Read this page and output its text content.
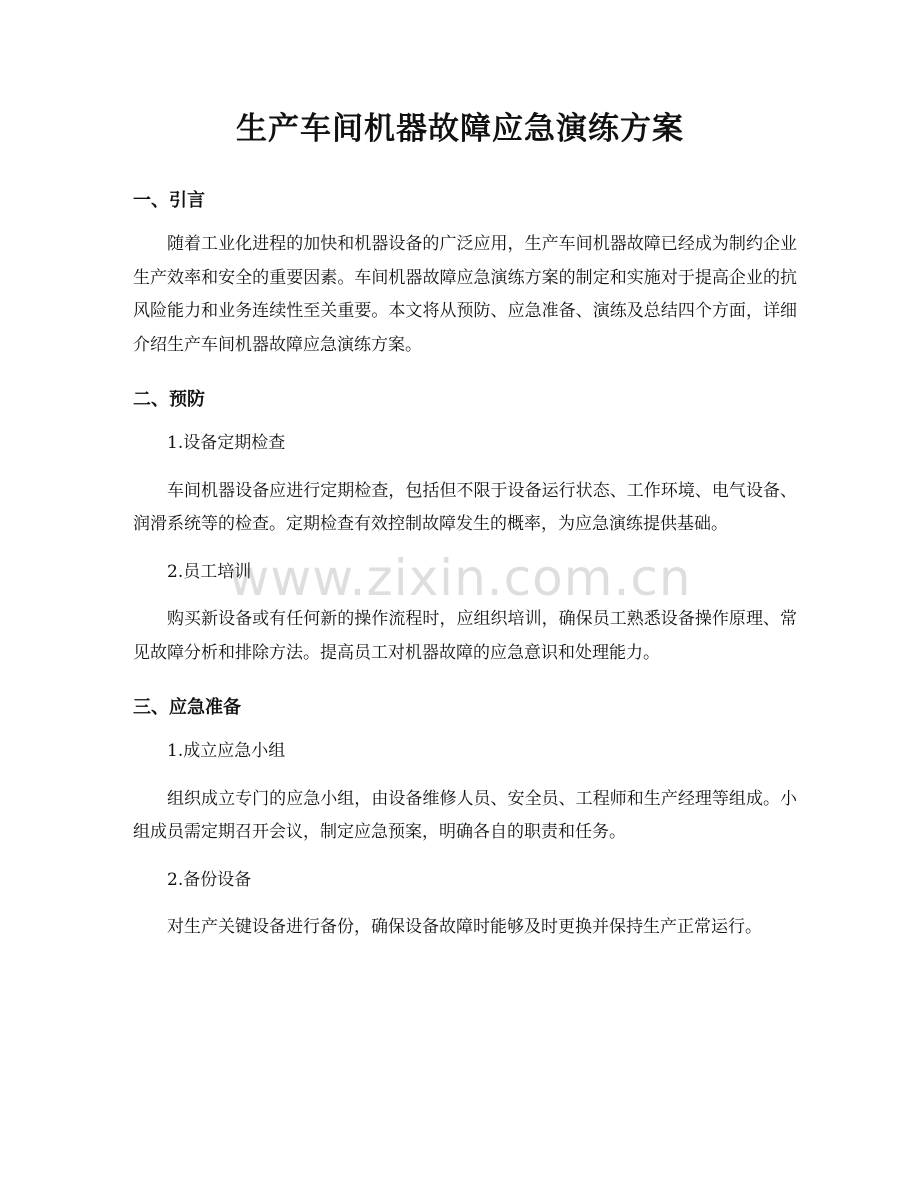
生产车间机器故障应急演练方案
一、引言
随着工业化进程的加快和机器设备的广泛应用，生产车间机器故障已经成为制约企业生产效率和安全的重要因素。车间机器故障应急演练方案的制定和实施对于提高企业的抗风险能力和业务连续性至关重要。本文将从预防、应急准备、演练及总结四个方面，详细介绍生产车间机器故障应急演练方案。
二、预防
1.设备定期检查
车间机器设备应进行定期检查，包括但不限于设备运行状态、工作环境、电气设备、润滑系统等的检查。定期检查有效控制故障发生的概率，为应急演练提供基础。
2.员工培训
购买新设备或有任何新的操作流程时，应组织培训，确保员工熟悉设备操作原理、常见故障分析和排除方法。提高员工对机器故障的应急意识和处理能力。
三、应急准备
1.成立应急小组
组织成立专门的应急小组，由设备维修人员、安全员、工程师和生产经理等组成。小组成员需定期召开会议，制定应急预案，明确各自的职责和任务。
2.备份设备
对生产关键设备进行备份，确保设备故障时能够及时更换并保持生产正常运行。
www.zixin.com.cn
